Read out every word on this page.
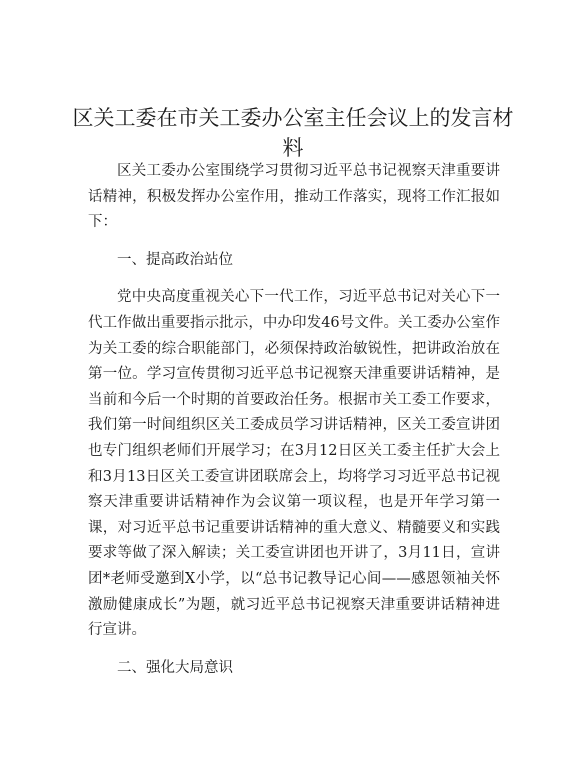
区关工委在市关工委办公室主任会议上的发言材料

区关工委办公室围绕学习贯彻习近平总书记视察天津重要讲话精神，积极发挥办公室作用，推动工作落实，现将工作汇报如下：

一、提高政治站位

党中央高度重视关心下一代工作，习近平总书记对关心下一代工作做出重要指示批示，中办印发46号文件。关工委办公室作为关工委的综合职能部门，必须保持政治敏锐性，把讲政治放在第一位。学习宣传贯彻习近平总书记视察天津重要讲话精神，是当前和今后一个时期的首要政治任务。根据市关工委工作要求，我们第一时间组织区关工委成员学习讲话精神，区关工委宣讲团也专门组织老师们开展学习；在3月12日区关工委主任扩大会上和3月13日区关工委宣讲团联席会上，均将学习习近平总书记视察天津重要讲话精神作为会议第一项议程，也是开年学习第一课，对习近平总书记重要讲话精神的重大意义、精髓要义和实践要求等做了深入解读；关工委宣讲团也开讲了，3月11日，宣讲团*老师受邀到X小学，以“总书记教导记心间——感恩领袖关怀激励健康成长”为题，就习近平总书记视察天津重要讲话精神进行宣讲。

二、强化大局意识
